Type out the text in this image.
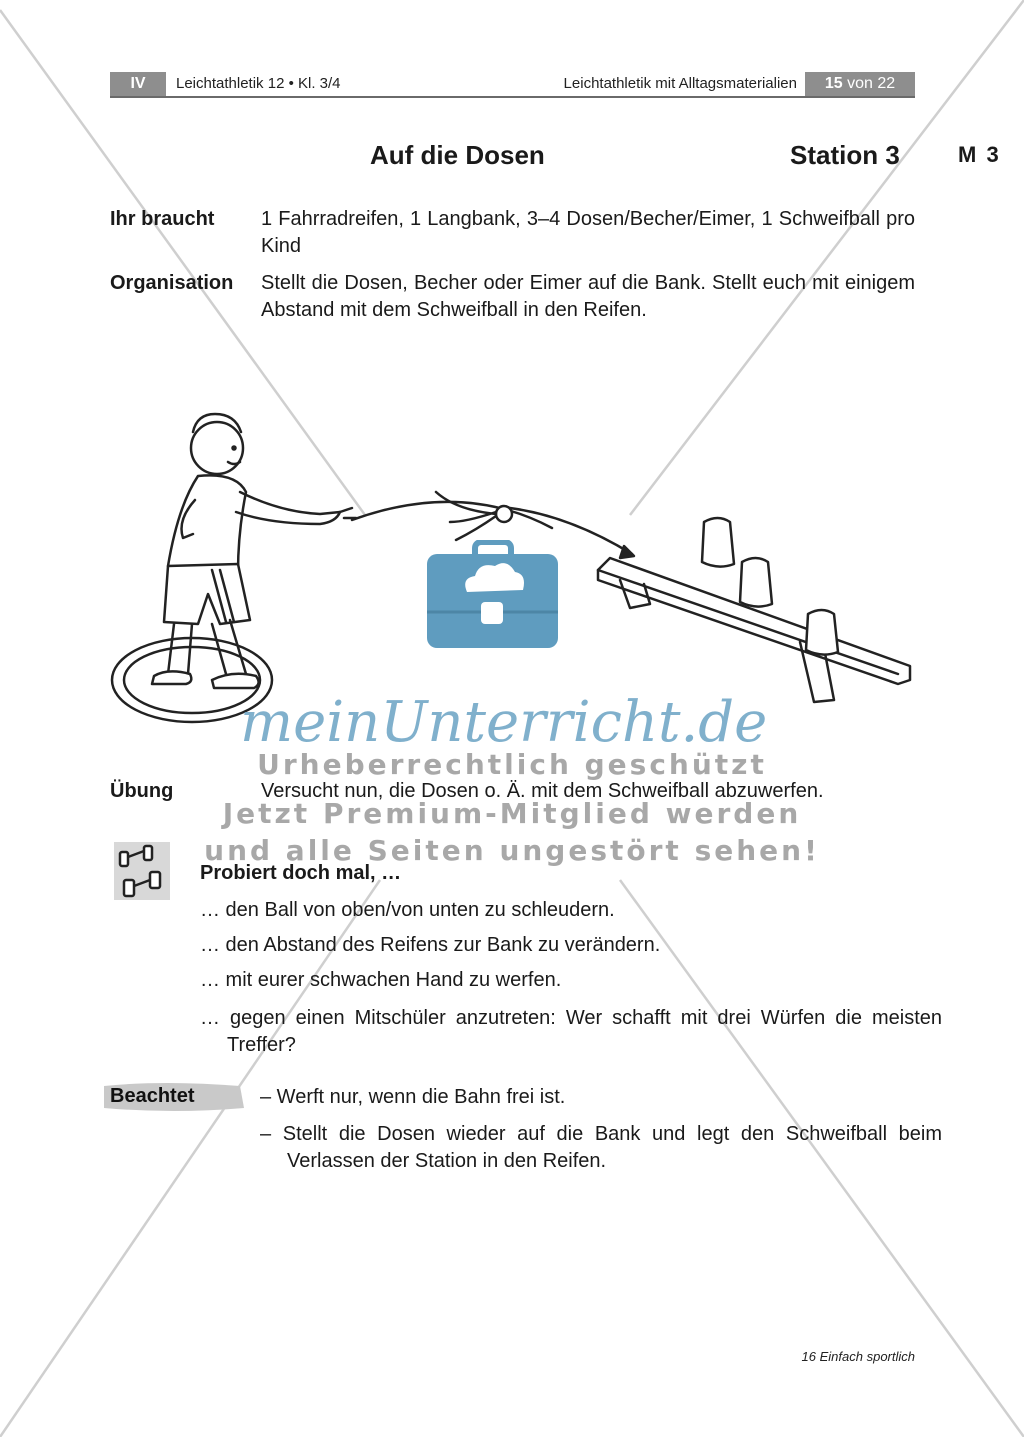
IV	Leichtathletik 12 • Kl. 3/4	Leichtathletik mit Alltagsmaterialien	15 von 22
Auf die Dosen	Station 3	M 3
Ihr braucht 1 Fahrradreifen, 1 Langbank, 3–4 Dosen/Becher/Eimer, 1 Schweifball pro Kind
Organisation Stellt die Dosen, Becher oder Eimer auf die Bank. Stellt euch mit einigem Abstand mit dem Schweifball in den Reifen.
meinUnterricht.de
Urheberrechtlich geschützt
Übung	Versucht nun, die Dosen o. Ä. mit dem Schweifball abzuwerfen.
Jetzt Premium-Mitglied werden
und alle Seiten ungestört sehen!
Probiert doch mal, …
… den Ball von oben/von unten zu schleudern.
… den Abstand des Reifens zur Bank zu verändern.
… mit eurer schwachen Hand zu werfen.
… gegen einen Mitschüler anzutreten: Wer schafft mit drei Würfen die meisten Treffer?
Beachtet	– Werft nur, wenn die Bahn frei ist.
– Stellt die Dosen wieder auf die Bank und legt den Schweifball beim Verlassen der Station in den Reifen.
16 Einfach sportlich
